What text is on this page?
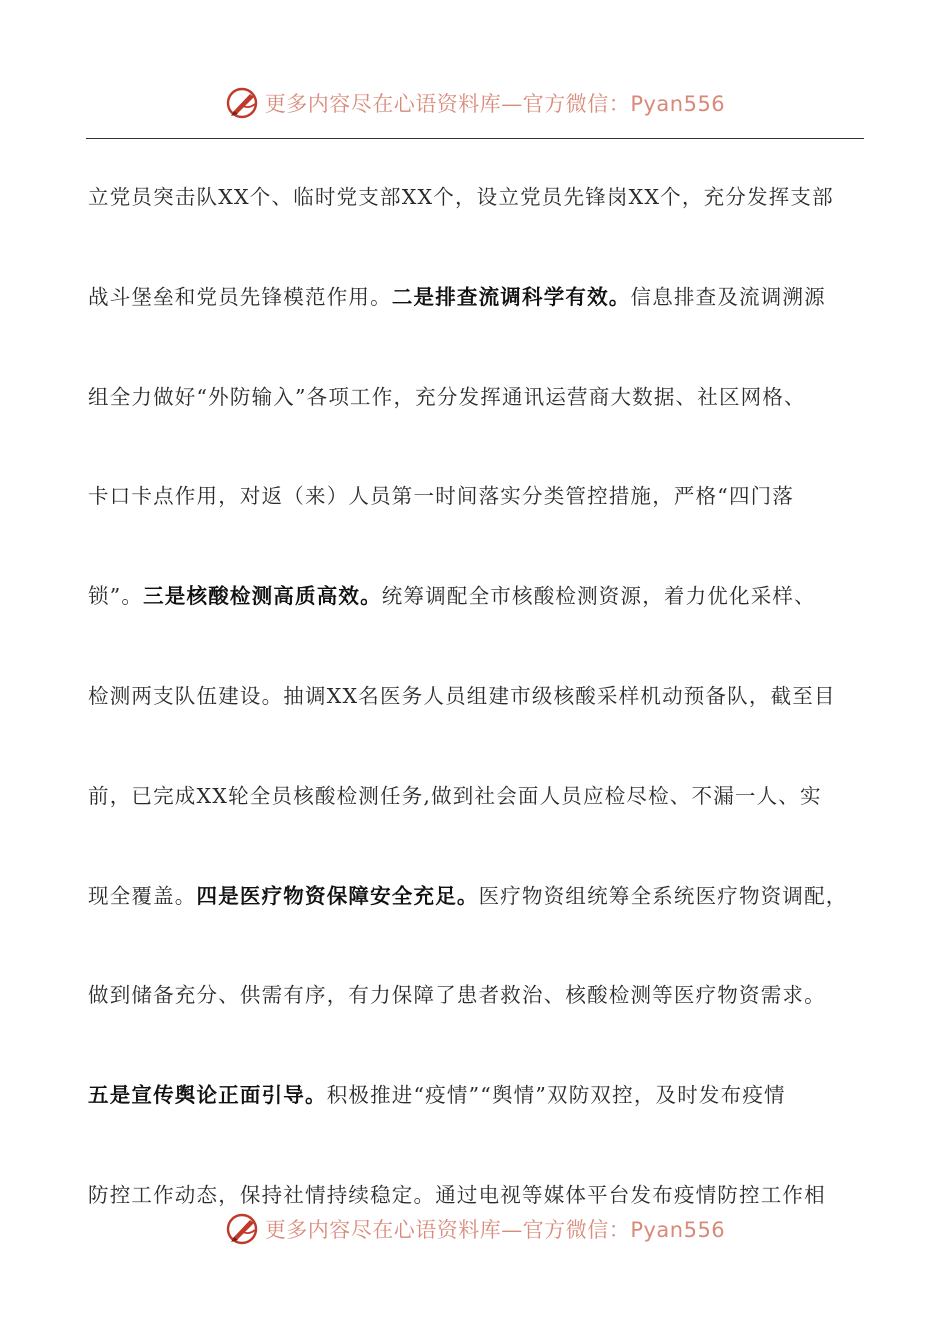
更多内容尽在心语资料库—官方微信：Pyan556
立党员突击队XX个、临时党支部XX个，设立党员先锋岗XX个，充分发挥支部
战斗堡垒和党员先锋模范作用。二是排查流调科学有效。信息排查及流调溯源
组全力做好“外防输入”各项工作，充分发挥通讯运营商大数据、社区网格、
卡口卡点作用，对返（来）人员第一时间落实分类管控措施，严格“四门落
锁”。三是核酸检测高质高效。统筹调配全市核酸检测资源，着力优化采样、
检测两支队伍建设。抽调XX名医务人员组建市级核酸采样机动预备队，截至目
前，已完成XX轮全员核酸检测任务,做到社会面人员应检尽检、不漏一人、实
现全覆盖。四是医疗物资保障安全充足。医疗物资组统筹全系统医疗物资调配，
做到储备充分、供需有序，有力保障了患者救治、核酸检测等医疗物资需求。
五是宣传舆论正面引导。积极推进“疫情”“舆情”双防双控，及时发布疫情
防控工作动态，保持社情持续稳定。通过电视等媒体平台发布疫情防控工作相
更多内容尽在心语资料库—官方微信：Pyan556
